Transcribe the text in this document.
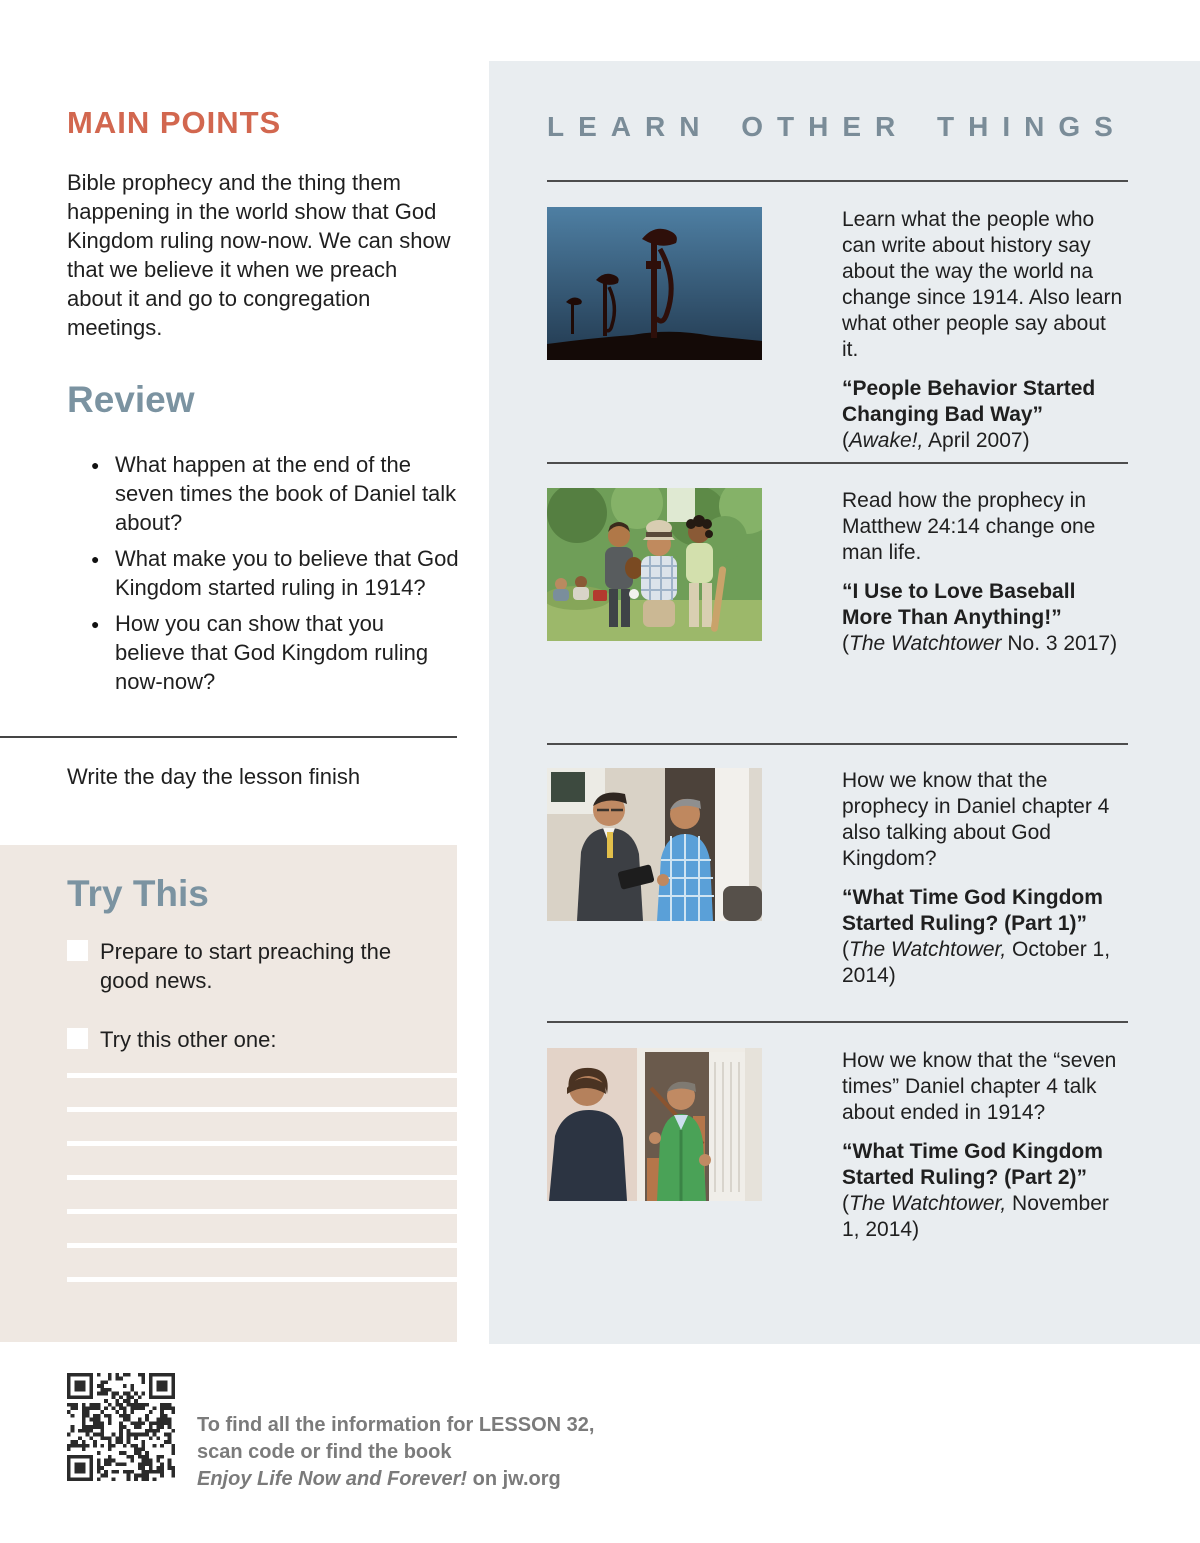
MAIN POINTS

Bible prophecy and the thing them happening in the world show that God Kingdom ruling now-now. We can show that we believe it when we preach about it and go to congregation meetings.

Review
● What happen at the end of the seven times the book of Daniel talk about?
● What make you to believe that God Kingdom started ruling in 1914?
● How you can show that you believe that God Kingdom ruling now-now?

Write the day the lesson finish

Try This
Prepare to start preaching the good news.
Try this other one:
LEARN OTHER THINGS

Learn what the people who can write about history say about the way the world na change since 1914. Also learn what other people say about it.

“People Behavior Started Changing Bad Way”

(Awake!, April 2007)

Read how the prophecy in Matthew 24:14 change one man life.

“I Use to Love Baseball More Than Anything!”

(The Watchtower No. 3 2017)

How we know that the prophecy in Daniel chapter 4 also talking about God Kingdom?

“What Time God Kingdom Started Ruling? (Part 1)”

(The Watchtower, October 1, 2014)

How we know that the “seven times” Daniel chapter 4 talk about ended in 1914?

“What Time God Kingdom Started Ruling? (Part 2)”

(The Watchtower, November 1, 2014)

To find all the information for LESSON 32,
scan code or find the book
Enjoy Life Now and Forever! on jw.org
